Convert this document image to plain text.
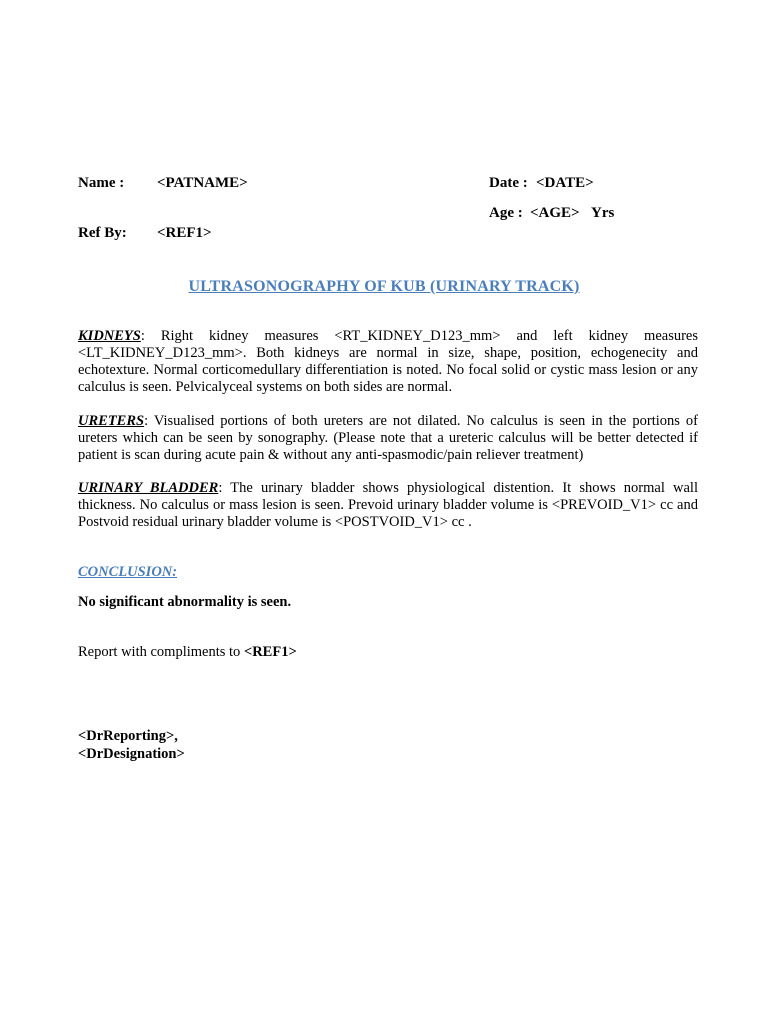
Name : <PATNAME>	Date : <DATE>
Age : <AGE> Yrs
Ref By: <REF1>
ULTRASONOGRAPHY OF KUB (URINARY TRACK)
KIDNEYS: Right kidney measures <RT_KIDNEY_D123_mm> and left kidney measures <LT_KIDNEY_D123_mm>. Both kidneys are normal in size, shape, position, echogenecity and echotexture. Normal corticomedullary differentiation is noted. No focal solid or cystic mass lesion or any calculus is seen. Pelvicalyceal systems on both sides are normal.
URETERS: Visualised portions of both ureters are not dilated. No calculus is seen in the portions of ureters which can be seen by sonography. (Please note that a ureteric calculus will be better detected if patient is scan during acute pain & without any anti-spasmodic/pain reliever treatment)
URINARY BLADDER: The urinary bladder shows physiological distention. It shows normal wall thickness. No calculus or mass lesion is seen. Prevoid urinary bladder volume is <PREVOID_V1> cc and Postvoid residual urinary bladder volume is <POSTVOID_V1> cc .
CONCLUSION:
No significant abnormality is seen.
Report with compliments to <REF1>
<DrReporting>,
<DrDesignation>
